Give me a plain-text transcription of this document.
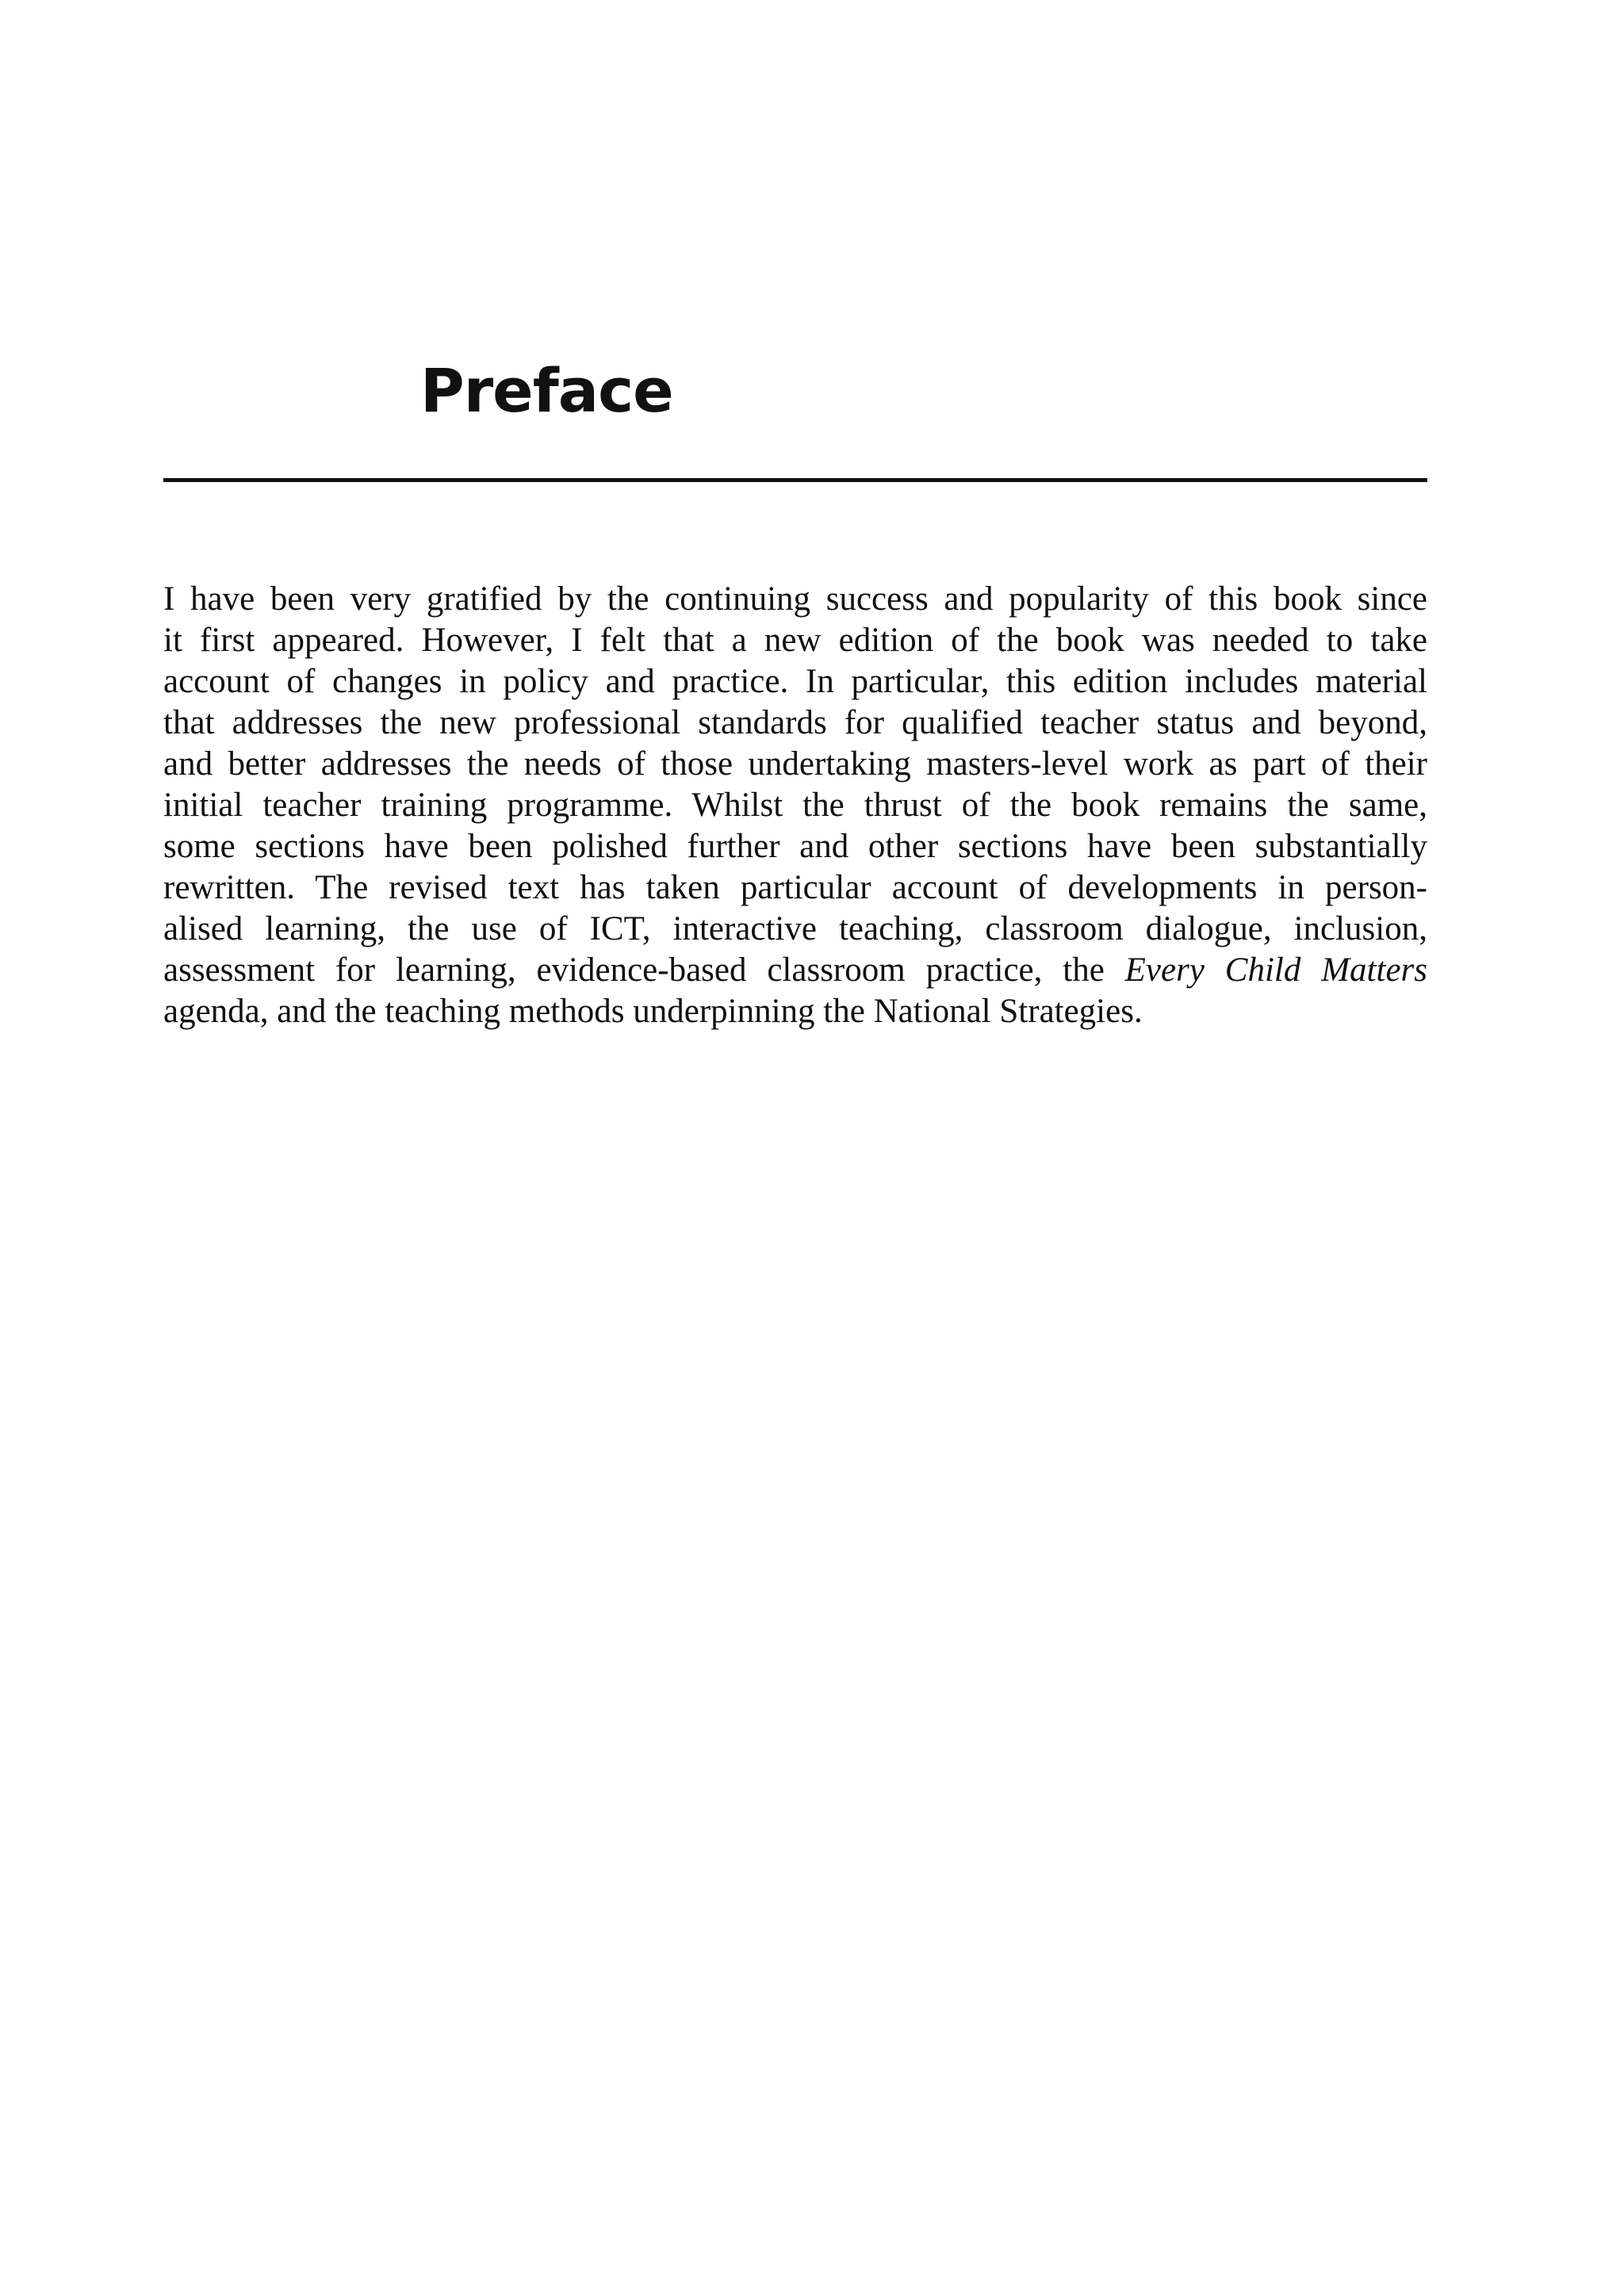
Preface

I have been very gratified by the continuing success and popularity of this book since
it first appeared. However, I felt that a new edition of the book was needed to take
account of changes in policy and practice. In particular, this edition includes material
that addresses the new professional standards for qualified teacher status and beyond,
and better addresses the needs of those undertaking masters-level work as part of their
initial teacher training programme. Whilst the thrust of the book remains the same,
some sections have been polished further and other sections have been substantially
rewritten. The revised text has taken particular account of developments in person-
alised learning, the use of ICT, interactive teaching, classroom dialogue, inclusion,
assessment for learning, evidence-based classroom practice, the Every Child Matters
agenda, and the teaching methods underpinning the National Strategies.
